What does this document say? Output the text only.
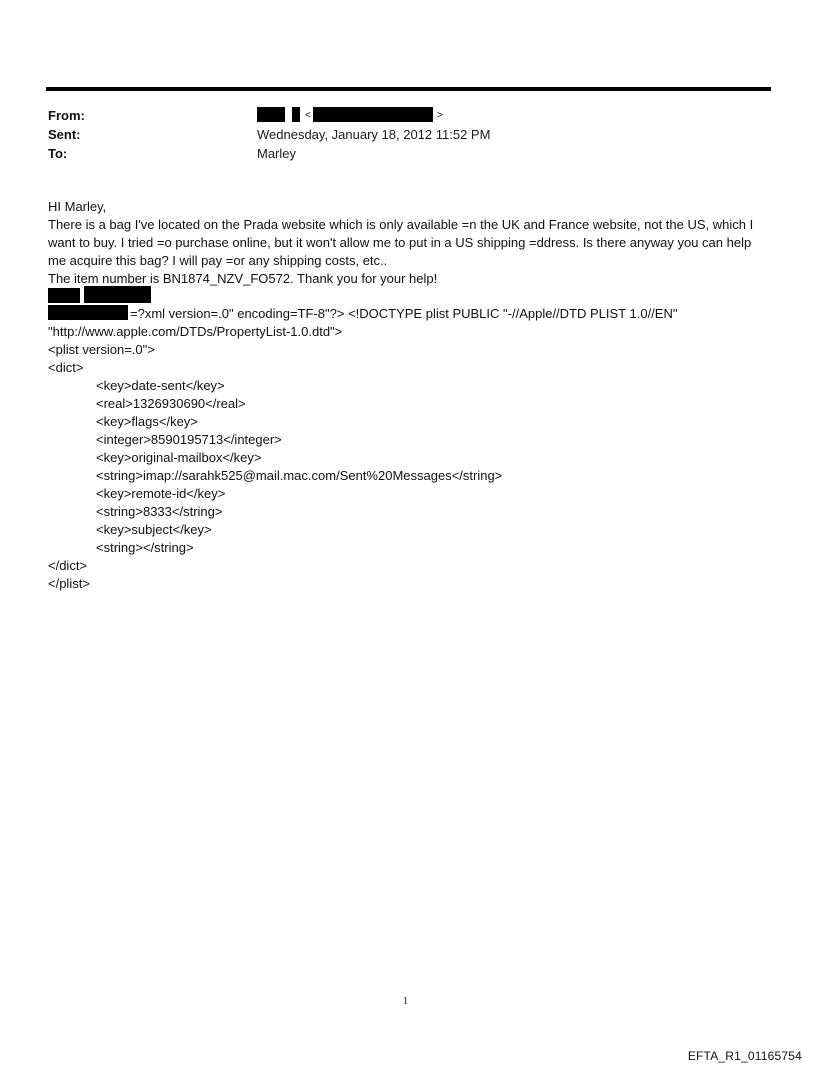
From:	<	>
Sent:	Wednesday, January 18, 2012 11:52 PM
To:	Marley
HI Marley,

There is a bag I've located on the Prada website which is only available =n the UK and France website, not the US, which I want to buy. I tried =o purchase online, but it won't allow me to put in a US shipping =ddress. Is there anyway you can help me acquire this bag? I will pay =or any shipping costs, etc..

The item number is BN1874_NZV_FO572. Thank you for your help!
=?xml version=.0" encoding=TF-8"?> <!DOCTYPE plist PUBLIC "-//Apple//DTD PLIST 1.0//EN"
"http://www.apple.com/DTDs/PropertyList-1.0.dtd">
<plist version=.0">
<dict>
<key>date-sent</key>
<real>1326930690</real>
<key>flags</key>
<integer>8590195713</integer>
<key>original-mailbox</key>
<string>imap://sarahk525@mail.mac.com/Sent%20Messages</string>
<key>remote-id</key>
<string>8333</string>
<key>subject</key>
<string></string>
</dict>
</plist>
1
EFTA_R1_01165754
